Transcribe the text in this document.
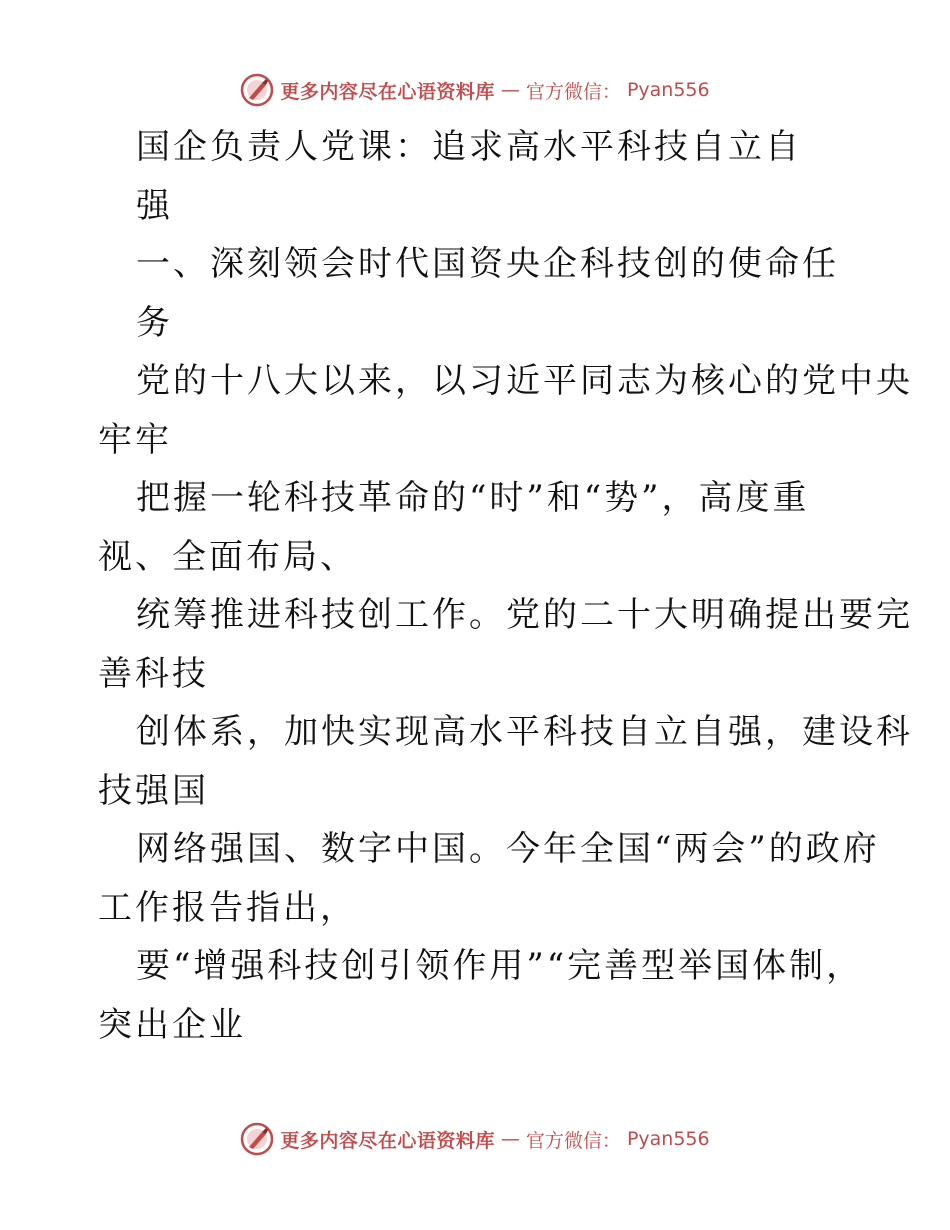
更多内容尽在心语资料库 — 官方微信： Pyan556
国企负责人党课：追求高水平科技自立自
强
一、深刻领会时代国资央企科技创的使命任
务
党的十八大以来，以习近平同志为核心的党中央
牢牢
把握一轮科技革命的“时”和“势”，高度重
视、全面布局、
统筹推进科技创工作。党的二十大明确提出要完
善科技
创体系，加快实现高水平科技自立自强，建设科
技强国
网络强国、数字中国。今年全国“两会”的政府
工作报告指出，
要“增强科技创引领作用”“完善型举国体制，
突出企业
更多内容尽在心语资料库 — 官方微信： Pyan556
